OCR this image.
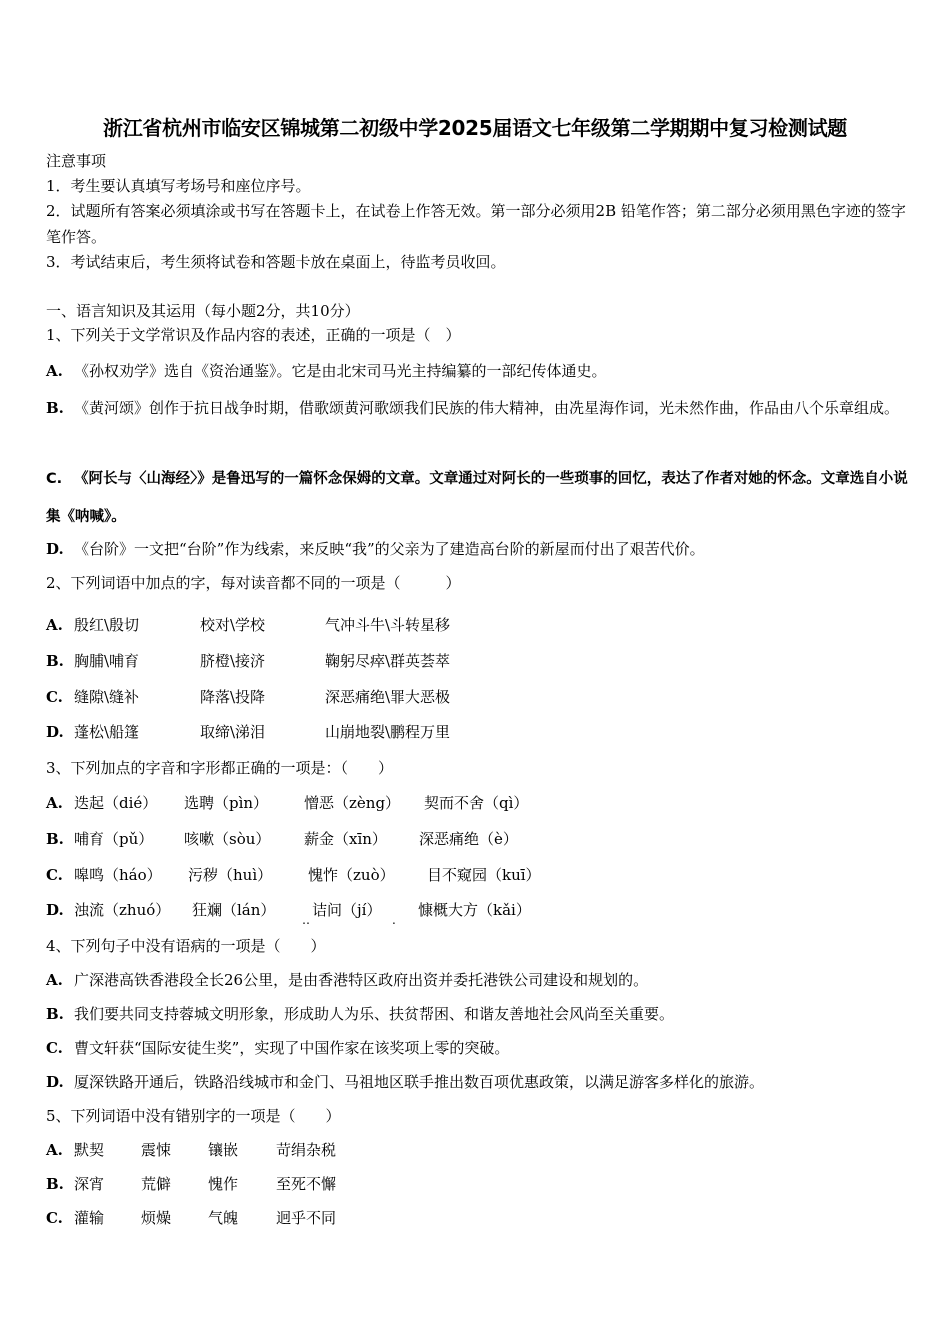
浙江省杭州市临安区锦城第二初级中学2025届语文七年级第二学期期中复习检测试题
注意事项
1．考生要认真填写考场号和座位序号。
2．试题所有答案必须填涂或书写在答题卡上，在试卷上作答无效。第一部分必须用2B 铅笔作答；第二部分必须用黑色字迹的签字笔作答。
3．考试结束后，考生须将试卷和答题卡放在桌面上，待监考员收回。
一、语言知识及其运用（每小题2分，共10分）
1、下列关于文学常识及作品内容的表述，正确的一项是（　）
A. 《孙权劝学》选自《资治通鉴》。它是由北宋司马光主持编纂的一部纪传体通史。
B. 《黄河颂》创作于抗日战争时期，借歌颂黄河歌颂我们民族的伟大精神，由冼星海作词，光未然作曲，作品由八个乐章组成。
C. 《阿长与〈山海经〉》是鲁迅写的一篇怀念保姆的文章。文章通过对阿长的一些琐事的回忆，表达了作者对她的怀念。文章选自小说集《呐喊》。
D. 《台阶》一文把“台阶”作为线索，来反映“我”的父亲为了建造高台阶的新屋而付出了艰苦代价。
2、下列词语中加点的字，每对读音都不同的一项是（　　　）
A. 殷红\殷切	校对\学校	气冲斗牛\斗转星移
B. 胸脯\哺育	脐橙\接济	鞠躬尽瘁\群英荟萃
C. 缝隙\缝补	降落\投降	深恶痛绝\罪大恶极
D. 蓬松\船篷	取缔\涕泪	山崩地裂\鹏程万里
3、下列加点的字音和字形都正确的一项是：（　　）
A. 迭起（dié） 选聘（pìn） 憎恶（zèng） 契而不舍（qì）
B. 哺育（pǔ） 咳嗽（sòu） 薪金（xīn） 深恶痛绝（è）
C. 嗥鸣（háo） 污秽（huì） 愧怍（zuò） 目不窥园（kuī）
D. 浊流（zhuó） 狂斓（lán） 诘问（jí） 慷概大方（kǎi）
‥	.
4、下列句子中没有语病的一项是（　　）
A. 广深港高铁香港段全长26公里，是由香港特区政府出资并委托港铁公司建设和规划的。
B. 我们要共同支持蓉城文明形象，形成助人为乐、扶贫帮困、和谐友善地社会风尚至关重要。
C. 曹文轩获“国际安徒生奖”，实现了中国作家在该奖项上零的突破。
D. 厦深铁路开通后，铁路沿线城市和金门、马祖地区联手推出数百项优惠政策，以满足游客多样化的旅游。
5、下列词语中没有错别字的一项是（　　）
A. 默契 震悚 镶嵌	苛绢杂税
B. 深宵 荒僻 愧作	至死不懈
C. 灌输 烦燥 气魄	迥乎不同
